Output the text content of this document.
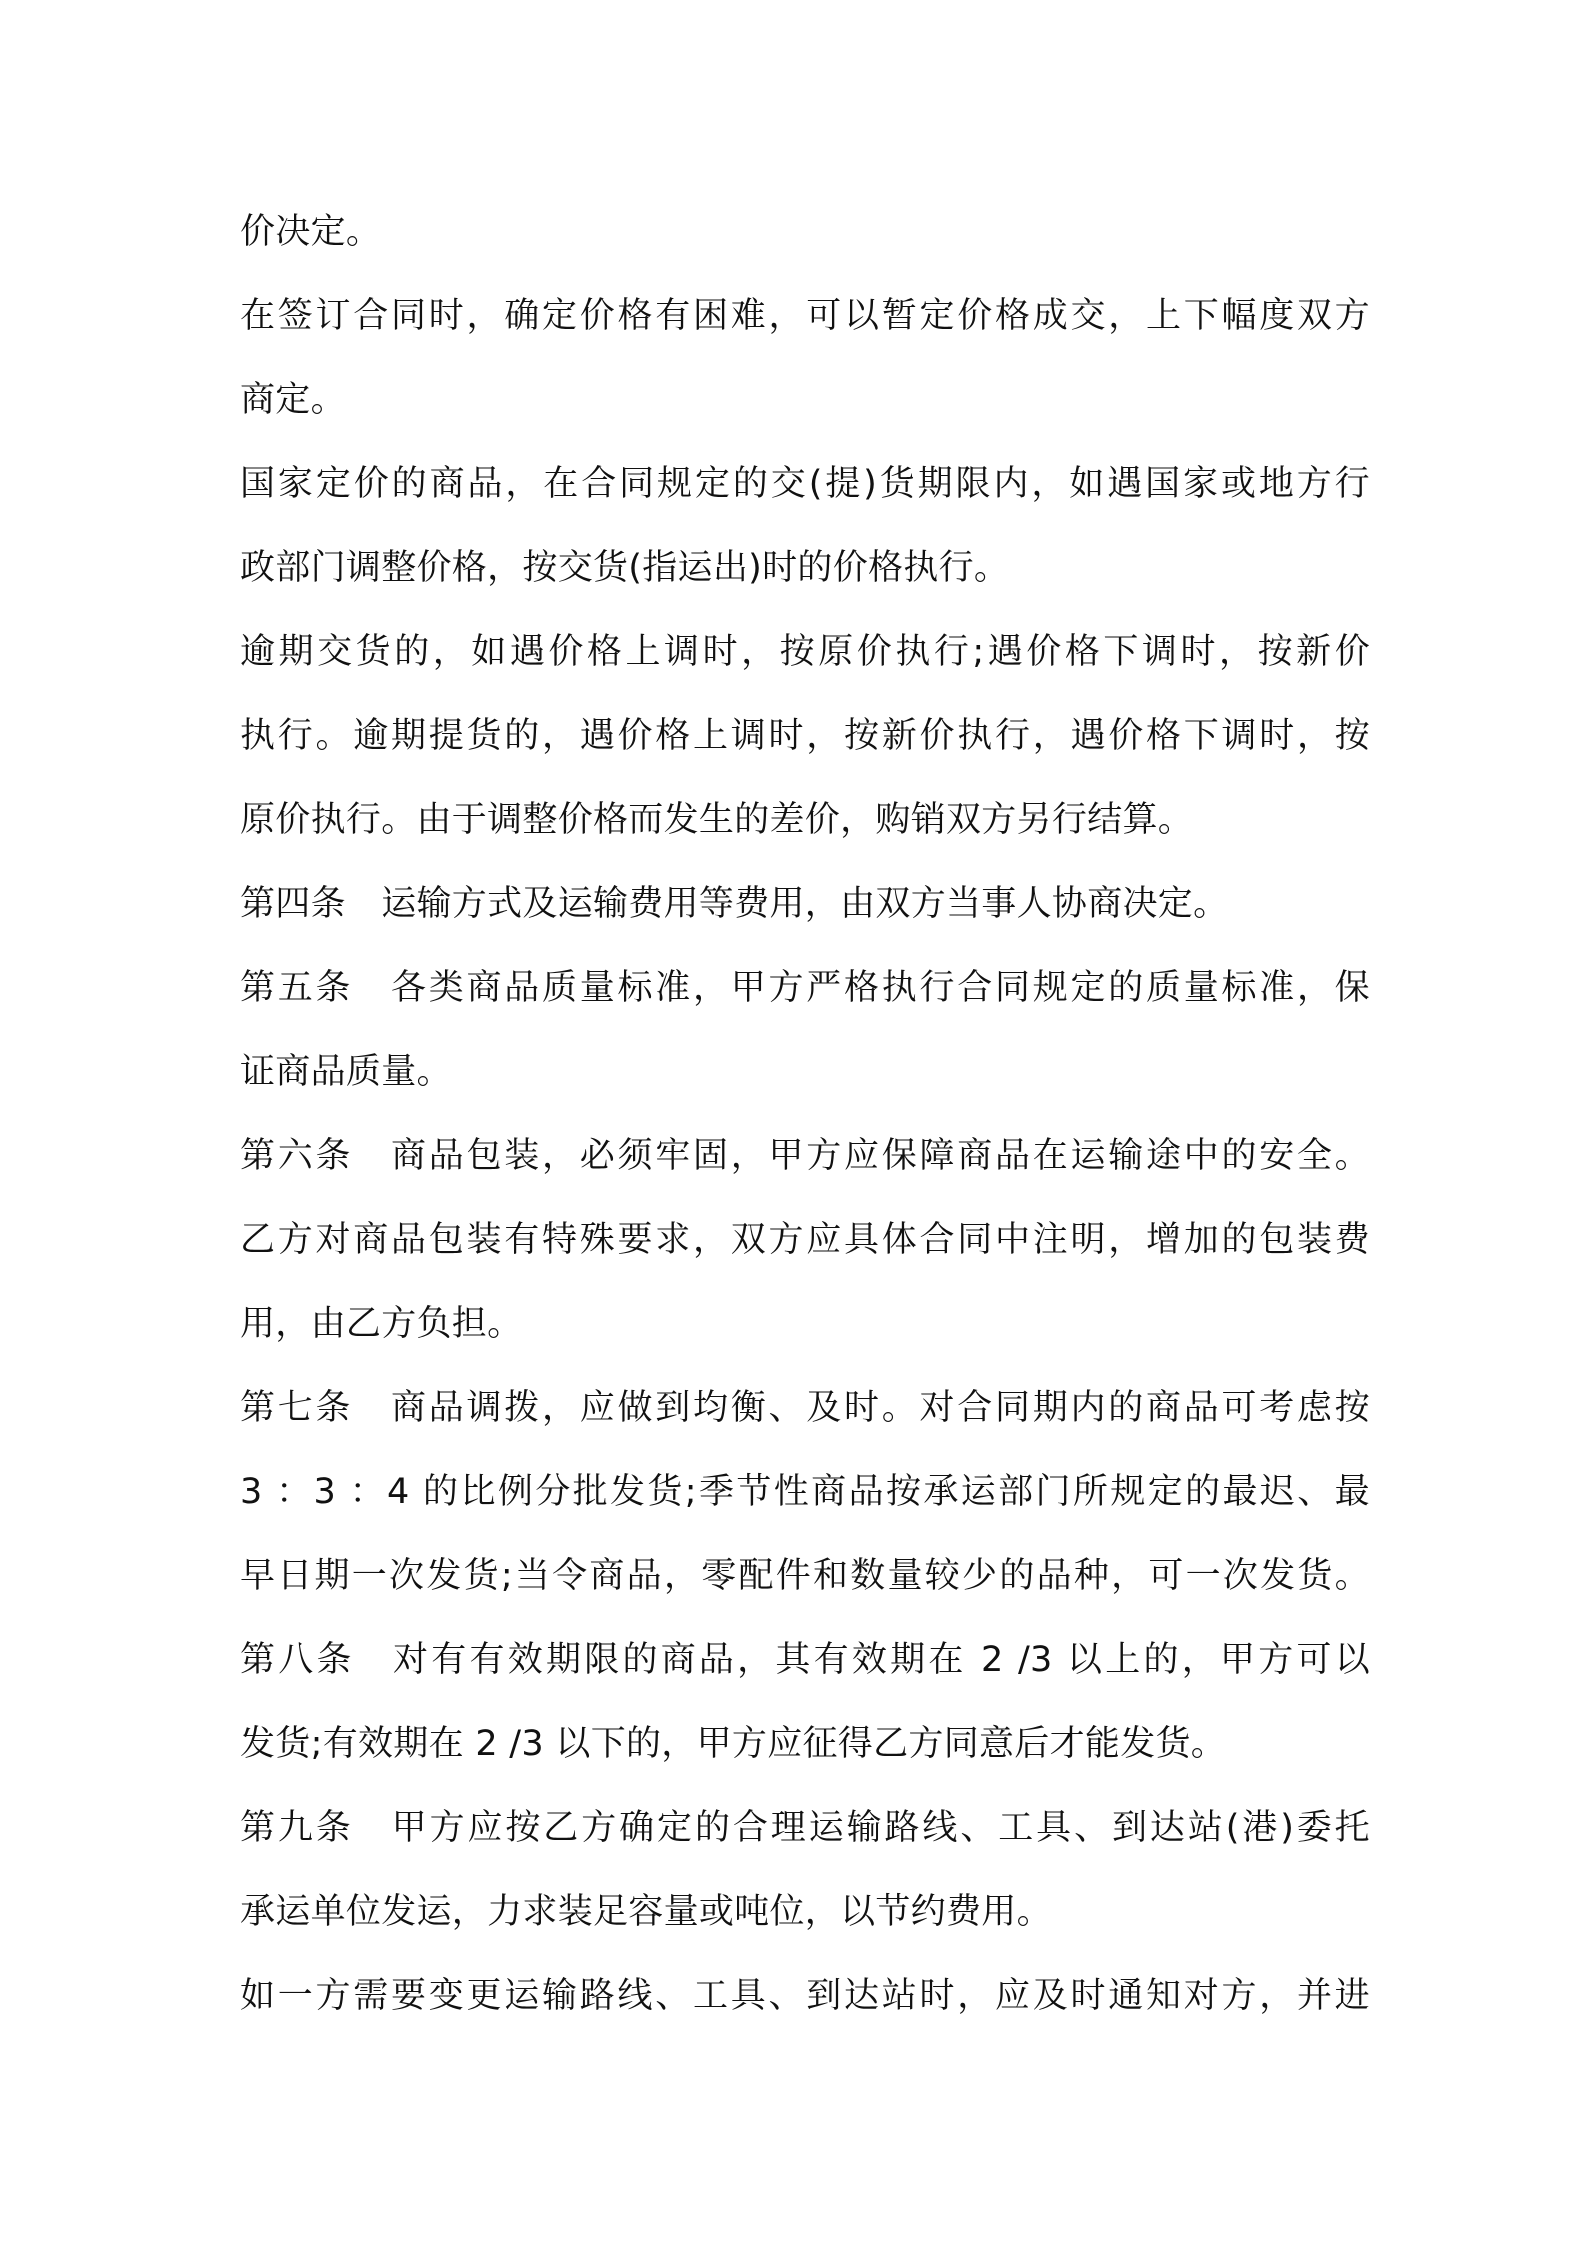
价决定。
在签订合同时，确定价格有困难，可以暂定价格成交，上下幅度双方
商定。
国家定价的商品，在合同规定的交(提)货期限内，如遇国家或地方行
政部门调整价格，按交货(指运出)时的价格执行。
逾期交货的，如遇价格上调时，按原价执行;遇价格下调时，按新价
执行。逾期提货的，遇价格上调时，按新价执行，遇价格下调时，按
原价执行。由于调整价格而发生的差价，购销双方另行结算。
第四条　运输方式及运输费用等费用，由双方当事人协商决定。
第五条　各类商品质量标准，甲方严格执行合同规定的质量标准，保
证商品质量。
第六条　商品包装，必须牢固，甲方应保障商品在运输途中的安全。
乙方对商品包装有特殊要求，双方应具体合同中注明，增加的包装费
用，由乙方负担。
第七条　商品调拨，应做到均衡、及时。对合同期内的商品可考虑按
3 ：3 ：4 的比例分批发货;季节性商品按承运部门所规定的最迟、最
早日期一次发货;当令商品，零配件和数量较少的品种，可一次发货。
第八条　对有有效期限的商品，其有效期在 2 /3 以上的，甲方可以
发货;有效期在 2 /3 以下的，甲方应征得乙方同意后才能发货。
第九条　甲方应按乙方确定的合理运输路线、工具、到达站(港)委托
承运单位发运，力求装足容量或吨位，以节约费用。
如一方需要变更运输路线、工具、到达站时，应及时通知对方，并进
